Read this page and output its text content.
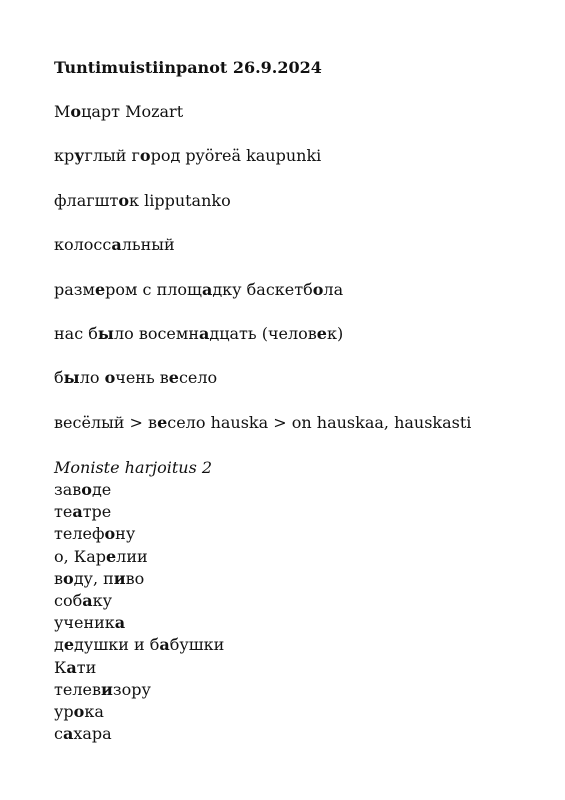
Tuntimuistiinpanot 26.9.2024
Моцарт Mozart
круглый город pyöreä kaupunki
флагшток lipputanko
колоссальный
размером с площадку баскетбола
нас было восемнадцать (человек)
было очень весело
весёлый > весело hauska > on hauskaa, hauskasti
Moniste harjoitus 2
заводе
театре
телефону
о, Карелии
воду, пиво
собаку
ученика
дедушки и бабушки
Кати
телевизору
урока
сахара
